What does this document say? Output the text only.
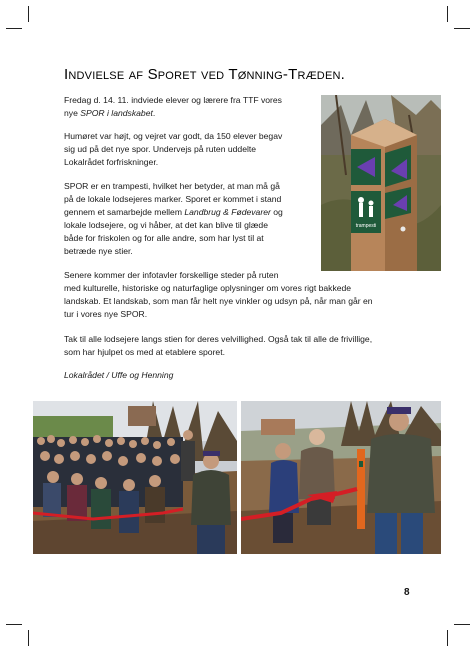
Indvielse af Sporet ved Tønning-Træden.

Fredag d. 14. 11. indviede elever og lærere fra TTF vores
nye SPOR i landskabet.

Humøret var højt, og vejret var godt, da 150 elever begav
sig ud på det nye spor. Undervejs på ruten uddelte
Lokalrådet forfriskninger.

SPOR er en trampesti, hvilket her betyder, at man må gå
på de lokale lodsejeres marker. Sporet er kommet i stand
gennem et samarbejde mellem Landbrug & Fødevarer og
lokale lodsejere, og vi håber, at det kan blive til glæde
både for friskolen og for alle andre, som har lyst til at
betræde nye stier.

Senere kommer der infotavler forskellige steder på ruten
med kulturelle, historiske og naturfaglige oplysninger om vores rigt bakkede
landskab. Et landskab, som man får helt nye vinkler og udsyn på, når man går en
tur i vores nye SPOR.

Tak til alle lodsejere langs stien for deres velvillighed. Også tak til alle de frivillige,
som har hjulpet os med at etablere sporet.

Lokalrådet / Uffe og Henning

trampesti
8
